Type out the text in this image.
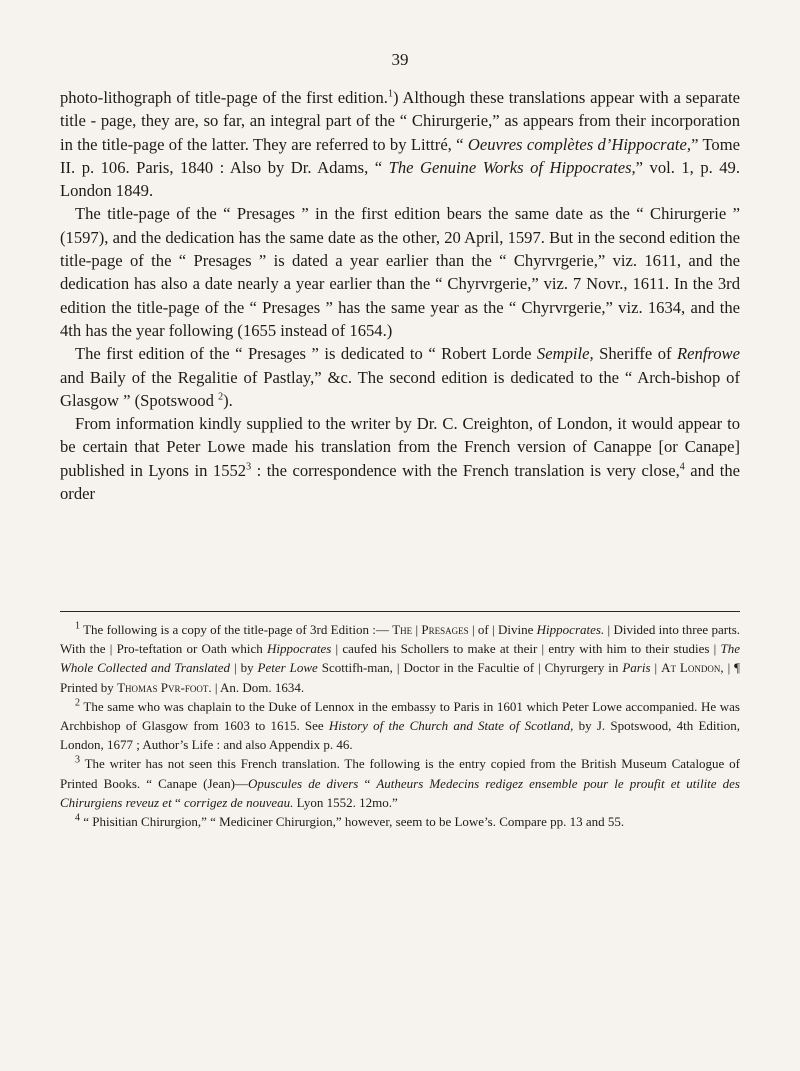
39

photo-lithograph of title-page of the first edition.$^1$) Although these translations appear with a separate title - page, they are, so far, an integral part of the “ Chirurgerie,” as appears from their incorporation in the title-page of the latter. They are referred to by Littré, “ Oeuvres complètes d’Hippocrate,” Tome II. p. 106. Paris, 1840 : Also by Dr. Adams, “ The Genuine Works of Hippocrates,” vol. 1, p. 49. London 1849.

The title-page of the “ Presages ” in the first edition bears the same date as the “ Chirurgerie ” (1597), and the dedication has the same date as the other, 20 April, 1597. But in the second edition the title-page of the “ Presages ” is dated a year earlier than the “ Chyrvrgerie,” viz. 1611, and the dedication has also a date nearly a year earlier than the “ Chyrvrgerie,” viz. 7 Novr., 1611. In the 3rd edition the title-page of the “ Presages ” has the same year as the “ Chyrvrgerie,” viz. 1634, and the 4th has the year following (1655 instead of 1654.)

The first edition of the “ Presages ” is dedicated to “ Robert Lorde Sempile, Sheriffe of Renfrowe and Baily of the Regalitie of Pastlay,” &c. The second edition is dedicated to the “ Arch-bishop of Glasgow ” (Spotswood $^2$).

From information kindly supplied to the writer by Dr. C. Creighton, of London, it would appear to be certain that Peter Lowe made his translation from the French version of Canappe [or Canape] published in Lyons in 1552$^3$ : the correspondence with the French translation is very close,$^4$ and the order

$^1$ The following is a copy of the title-page of 3rd Edition :— The | Presages | of | Divine Hippocrates. | Divided into three parts. With the | Pro-teftation or Oath which Hippocrates | caufed his Schollers to make at their | entry with him to their studies | The Whole Collected and Translated | by Peter Lowe Scottifh-man, | Doctor in the Facultie of | Chyrurgery in Paris | At London, | ¶ Printed by Thomas Pvr-foot. | An. Dom. 1634.

$^2$ The same who was chaplain to the Duke of Lennox in the embassy to Paris in 1601 which Peter Lowe accompanied. He was Archbishop of Glasgow from 1603 to 1615. See History of the Church and State of Scotland, by J. Spotswood, 4th Edition, London, 1677 ; Author’s Life : and also Appendix p. 46.

$^3$ The writer has not seen this French translation. The following is the entry copied from the British Museum Catalogue of Printed Books. “ Canape (Jean)—Opuscules de divers “ Autheurs Medecins redigez ensemble pour le proufit et utilite des Chirurgiens reveuz et “ corrigez de nouveau. Lyon 1552. 12mo.”

$^4$ “ Phisitian Chirurgion,” “ Mediciner Chirurgion,” however, seem to be Lowe’s. Compare pp. 13 and 55.
